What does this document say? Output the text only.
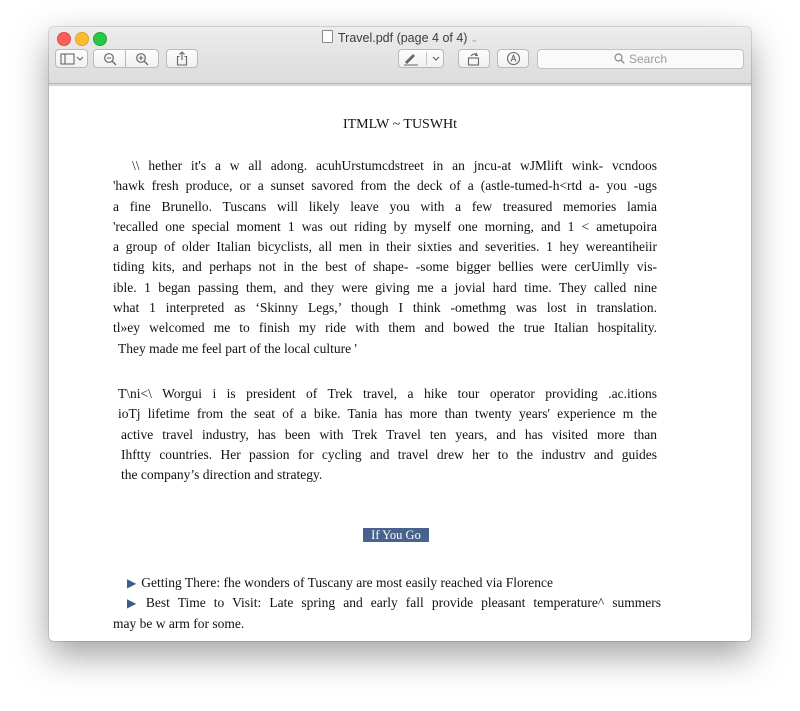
Travel.pdf (page 4 of 4) ⌄

Search
ITMLW ~ TUSWHt
\\ hether it's a w all adong. acuhUrstumcdstreet in an jncu-at wJMlift wink- vcndoos
'hawk fresh produce, or a sunset savored from the deck of a (astle-tumed-h<rtd a- you -ugs
a fine Brunello. Tuscans will likely leave you with a few treasured memories lamia
'recalled one special moment 1 was out riding by myself one morning, and 1 < ametupoira
a group of older Italian bicyclists, all men in their sixties and severities. 1 hey wereantiheiir
tiding kits, and perhaps not in the best of shape- -some bigger bellies were cerUimlly vis-
ible. 1 began passing them, and they were giving me a jovial hard time. They called nine
what 1 interpreted as ‘Skinny Legs,’ though I think -omethmg was lost in translation.
tl»ey welcomed me to finish my ride with them and bowed the true Italian hospitality.
They made me feel part of the local culture '
T\ni<\ Worgui i is president of Trek travel, a hike tour operator providing .ac.itions
ioTj lifetime from the seat of a bike. Tania has more than twenty years' experience m the
active travel industry, has been with Trek Travel ten years, and has visited more than
Ihftty countries. Her passion for cycling and travel drew her to the industrv and guides
the company’s direction and strategy.
If You Go
▶ Getting There: fhe wonders of Tuscany are most easily reached via Florence
▶ Best Time to Visit: Late spring and early fall provide pleasant temperature^ summers
may be w arm for some.
